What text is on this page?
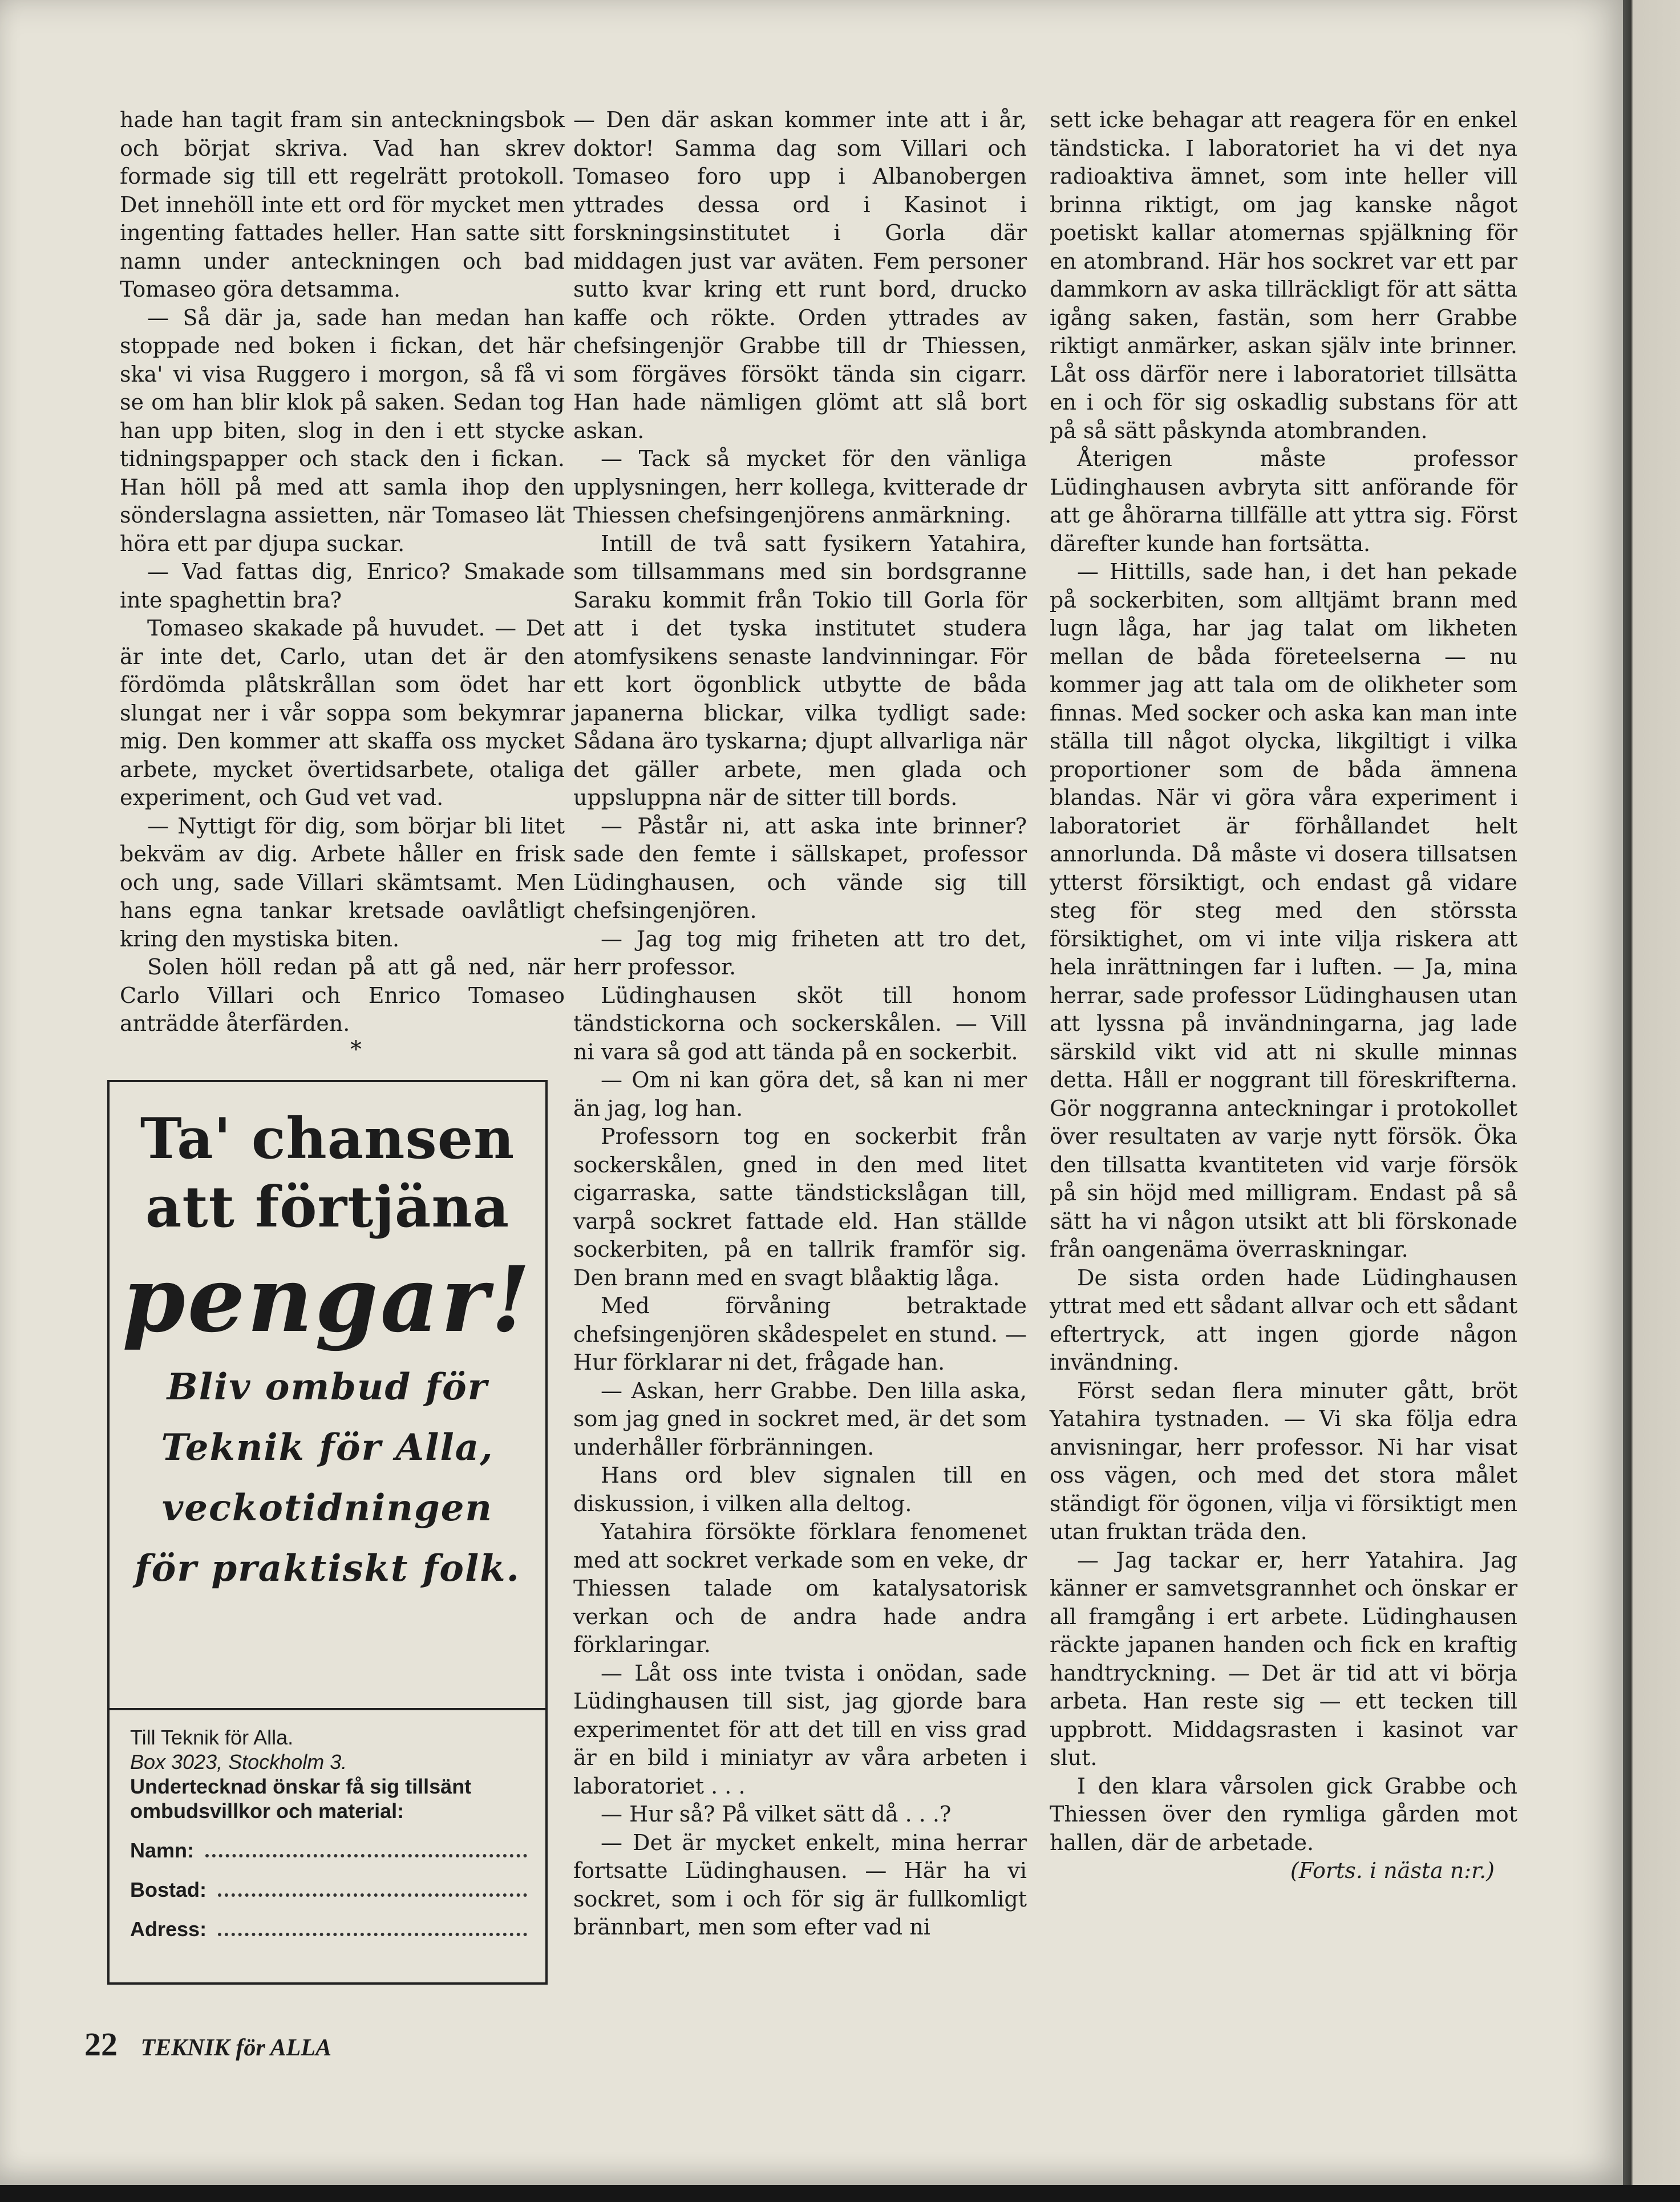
hade han tagit fram sin anteckningsbok och börjat skriva. Vad han skrev formade sig till ett regelrätt protokoll. Det innehöll inte ett ord för mycket men ingenting fattades heller. Han satte sitt namn under anteckningen och bad Tomaseo göra detsamma.

— Så där ja, sade han medan han stoppade ned boken i fickan, det här ska' vi visa Ruggero i morgon, så få vi se om han blir klok på saken. Sedan tog han upp biten, slog in den i ett stycke tidningspapper och stack den i fickan. Han höll på med att samla ihop den sönderslagna assietten, när Tomaseo lät höra ett par djupa suckar.

— Vad fattas dig, Enrico? Smakade inte spaghettin bra?

Tomaseo skakade på huvudet. — Det är inte det, Carlo, utan det är den fördömda plåtskrållan som ödet har slungat ner i vår soppa som bekymrar mig. Den kommer att skaffa oss mycket arbete, mycket övertidsarbete, otaliga experiment, och Gud vet vad.

— Nyttigt för dig, som börjar bli litet bekväm av dig. Arbete håller en frisk och ung, sade Villari skämtsamt. Men hans egna tankar kretsade oavlåtligt kring den mystiska biten.

Solen höll redan på att gå ned, när Carlo Villari och Enrico Tomaseo anträdde återfärden.

*

Ta' chansen
att förtjäna
pengar!
Bliv ombud för
Teknik för Alla,
veckotidningen
för praktiskt folk.

Till Teknik för Alla.

Box 3023, Stockholm 3.

Undertecknad önskar få sig tillsänt ombudsvillkor och material:

Namn:
Bostad:
Adress:

— Den där askan kommer inte att i år, doktor! Samma dag som Villari och Tomaseo foro upp i Albanobergen yttrades dessa ord i Kasinot i forskningsinstitutet i Gorla där middagen just var aväten. Fem personer sutto kvar kring ett runt bord, drucko kaffe och rökte. Orden yttrades av chefsingenjör Grabbe till dr Thiessen, som förgäves försökt tända sin cigarr. Han hade nämligen glömt att slå bort askan.

— Tack så mycket för den vänliga upplysningen, herr kollega, kvitterade dr Thiessen chefsingenjörens anmärkning.

Intill de två satt fysikern Yatahira, som tillsammans med sin bordsgranne Saraku kommit från Tokio till Gorla för att i det tyska institutet studera atomfysikens senaste landvinningar. För ett kort ögonblick utbytte de båda japanerna blickar, vilka tydligt sade: Sådana äro tyskarna; djupt allvarliga när det gäller arbete, men glada och uppsluppna när de sitter till bords.

— Påstår ni, att aska inte brinner? sade den femte i sällskapet, professor Lüdinghausen, och vände sig till chefsingenjören.

— Jag tog mig friheten att tro det, herr professor.

Lüdinghausen sköt till honom tändstickorna och sockerskålen. — Vill ni vara så god att tända på en sockerbit.

— Om ni kan göra det, så kan ni mer än jag, log han.

Professorn tog en sockerbit från sockerskålen, gned in den med litet cigarraska, satte tändstickslågan till, varpå sockret fattade eld. Han ställde sockerbiten, på en tallrik framför sig. Den brann med en svagt blåaktig låga.

Med förvåning betraktade chefsingenjören skådespelet en stund. — Hur förklarar ni det, frågade han.

— Askan, herr Grabbe. Den lilla aska, som jag gned in sockret med, är det som underhåller förbränningen.

Hans ord blev signalen till en diskussion, i vilken alla deltog.

Yatahira försökte förklara fenomenet med att sockret verkade som en veke, dr Thiessen talade om katalysatorisk verkan och de andra hade andra förklaringar.

— Låt oss inte tvista i onödan, sade Lüdinghausen till sist, jag gjorde bara experimentet för att det till en viss grad är en bild i miniatyr av våra arbeten i laboratoriet . . .

— Hur så? På vilket sätt då . . .?

— Det är mycket enkelt, mina herrar fortsatte Lüdinghausen. — Här ha vi sockret, som i och för sig är fullkomligt brännbart, men som efter vad ni

sett icke behagar att reagera för en enkel tändsticka. I laboratoriet ha vi det nya radioaktiva ämnet, som inte heller vill brinna riktigt, om jag kanske något poetiskt kallar atomernas spjälkning för en atombrand. Här hos sockret var ett par dammkorn av aska tillräckligt för att sätta igång saken, fastän, som herr Grabbe riktigt anmärker, askan själv inte brinner. Låt oss därför nere i laboratoriet tillsätta en i och för sig oskadlig substans för att på så sätt påskynda atombranden.

Återigen måste professor Lüdinghausen avbryta sitt anförande för att ge åhörarna tillfälle att yttra sig. Först därefter kunde han fortsätta.

— Hittills, sade han, i det han pekade på sockerbiten, som alltjämt brann med lugn låga, har jag talat om likheten mellan de båda företeelserna — nu kommer jag att tala om de olikheter som finnas. Med socker och aska kan man inte ställa till något olycka, likgiltigt i vilka proportioner som de båda ämnena blandas. När vi göra våra experiment i laboratoriet är förhållandet helt annorlunda. Då måste vi dosera tillsatsen ytterst försiktigt, och endast gå vidare steg för steg med den störssta försiktighet, om vi inte vilja riskera att hela inrättningen far i luften. — Ja, mina herrar, sade professor Lüdinghausen utan att lyssna på invändningarna, jag lade särskild vikt vid att ni skulle minnas detta. Håll er noggrant till föreskrifterna. Gör noggranna anteckningar i protokollet över resultaten av varje nytt försök. Öka den tillsatta kvantiteten vid varje försök på sin höjd med milligram. Endast på så sätt ha vi någon utsikt att bli förskonade från oangenäma överraskningar.

De sista orden hade Lüdinghausen yttrat med ett sådant allvar och ett sådant eftertryck, att ingen gjorde någon invändning.

Först sedan flera minuter gått, bröt Yatahira tystnaden. — Vi ska följa edra anvisningar, herr professor. Ni har visat oss vägen, och med det stora målet ständigt för ögonen, vilja vi försiktigt men utan fruktan träda den.

— Jag tackar er, herr Yatahira. Jag känner er samvetsgrannhet och önskar er all framgång i ert arbete. Lüdinghausen räckte japanen handen och fick en kraftig handtryckning. — Det är tid att vi börja arbeta. Han reste sig — ett tecken till uppbrott. Middagsrasten i kasinot var slut.

I den klara vårsolen gick Grabbe och Thiessen över den rymliga gården mot hallen, där de arbetade.

(Forts. i nästa n:r.)

22 TEKNIK för ALLA
